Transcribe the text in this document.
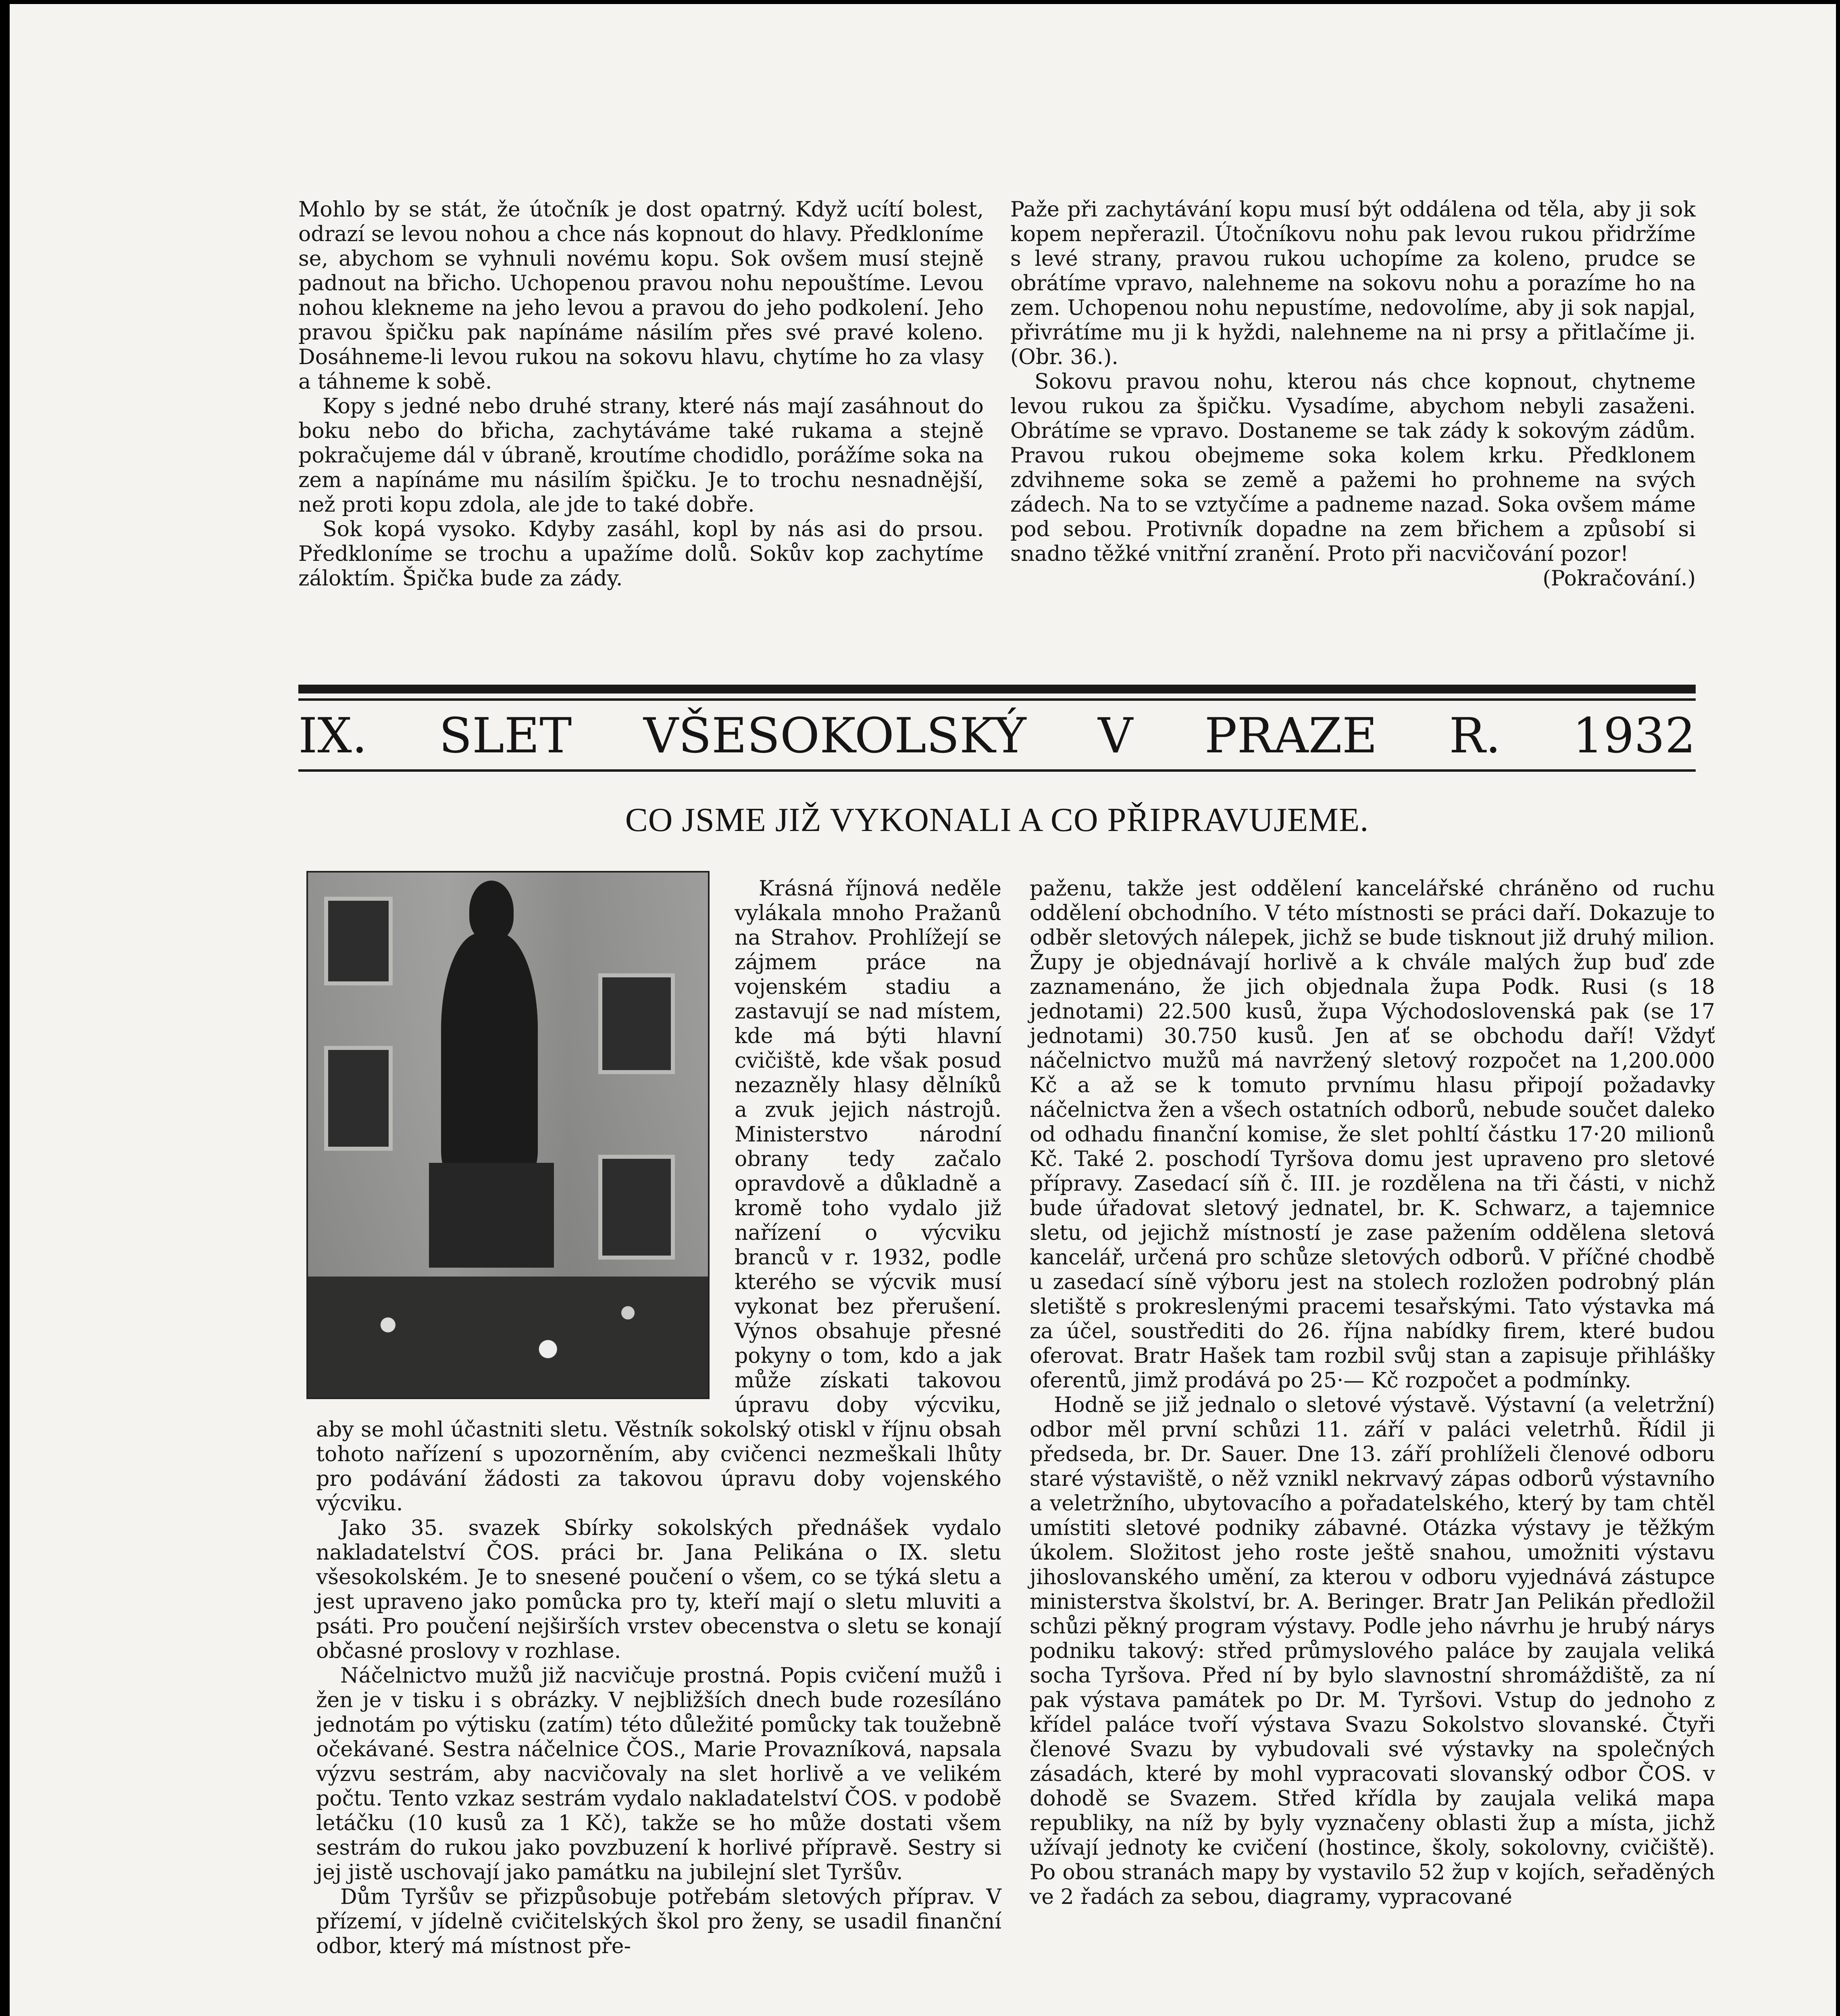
Mohlo by se stát, že útočník je dost opatrný. Když ucítí bolest, odrazí se levou nohou a chce nás kopnout do hlavy. Předkloníme se, abychom se vyhnuli novému kopu. Sok ovšem musí stejně padnout na břicho. Uchopenou pravou nohu nepouštíme. Levou nohou klekneme na jeho levou a pravou do jeho podkolení. Jeho pravou špičku pak napínáme násilím přes své pravé koleno. Dosáhneme-li levou rukou na sokovu hlavu, chytíme ho za vlasy a táhneme k sobě.

Kopy s jedné nebo druhé strany, které nás mají zasáhnout do boku nebo do břicha, zachytáváme také rukama a stejně pokračujeme dál v úbraně, kroutíme chodidlo, porážíme soka na zem a napínáme mu násilím špičku. Je to trochu nesnadnější, než proti kopu zdola, ale jde to také dobře.

Sok kopá vysoko. Kdyby zasáhl, kopl by nás asi do prsou. Předkloníme se trochu a upažíme dolů. Sokův kop zachytíme záloktím. Špička bude za zády.

Paže při zachytávání kopu musí být oddálena od těla, aby ji sok kopem nepřerazil. Útočníkovu nohu pak levou rukou přidržíme s levé strany, pravou rukou uchopíme za koleno, prudce se obrátíme vpravo, nalehneme na sokovu nohu a porazíme ho na zem. Uchopenou nohu nepustíme, nedovolíme, aby ji sok napjal, přivrátíme mu ji k hyždi, nalehneme na ni prsy a přitlačíme ji. (Obr. 36.).

Sokovu pravou nohu, kterou nás chce kopnout, chytneme levou rukou za špičku. Vysadíme, abychom nebyli zasaženi. Obrátíme se vpravo. Dostaneme se tak zády k sokovým zádům. Pravou rukou obejmeme soka kolem krku. Předklonem zdvihneme soka se země a pažemi ho prohneme na svých zádech. Na to se vztyčíme a padneme nazad. Soka ovšem máme pod sebou. Protivník dopadne na zem břichem a způsobí si snadno těžké vnitřní zranění. Proto při nacvičování pozor!
(Pokračování.)

IX. SLET VŠESOKOLSKÝ V PRAZE R. 1932
CO JSME JIŽ VYKONALI A CO PŘIPRAVUJEME.

Krásná říjnová neděle vylákala mnoho Pražanů na Strahov. Prohlížejí se zájmem práce na vojenském stadiu a zastavují se nad místem, kde má býti hlavní cvičiště, kde však posud nezazněly hlasy dělníků a zvuk jejich nástrojů. Ministerstvo národní obrany tedy začalo opravdově a důkladně a kromě toho vydalo již nařízení o výcviku branců v r. 1932, podle kterého se výcvik musí vykonat bez přerušení. Výnos obsahuje přesné pokyny o tom, kdo a jak může získati takovou úpravu doby výcviku, aby se mohl účastniti sletu. Věstník sokolský otiskl v říjnu obsah tohoto nařízení s upozorněním, aby cvičenci nezmeškali lhůty pro podávání žádosti za takovou úpravu doby vojenského výcviku.

Jako 35. svazek Sbírky sokolských přednášek vydalo nakladatelství ČOS. práci br. Jana Pelikána o IX. sletu všesokolském. Je to snesené poučení o všem, co se týká sletu a jest upraveno jako pomůcka pro ty, kteří mají o sletu mluviti a psáti. Pro poučení nejširších vrstev obecenstva o sletu se konají občasné proslovy v rozhlase.

Náčelnictvo mužů již nacvičuje prostná. Popis cvičení mužů i žen je v tisku i s obrázky. V nejbližších dnech bude rozesíláno jednotám po výtisku (zatím) této důležité pomůcky tak toužebně očekávané. Sestra náčelnice ČOS., Marie Provazníková, napsala výzvu sestrám, aby nacvičovaly na slet horlivě a ve velikém počtu. Tento vzkaz sestrám vydalo nakladatelství ČOS. v podobě letáčku (10 kusů za 1 Kč), takže se ho může dostati všem sestrám do rukou jako povzbuzení k horlivé přípravě. Sestry si jej jistě uschovají jako památku na jubilejní slet Tyršův.

Dům Tyršův se přizpůsobuje potřebám sletových příprav. V přízemí, v jídelně cvičitelských škol pro ženy, se usadil finanční odbor, který má místnost pře-

paženu, takže jest oddělení kancelářské chráněno od ruchu oddělení obchodního. V této místnosti se práci daří. Dokazuje to odběr sletových nálepek, jichž se bude tisknout již druhý milion. Župy je objednávají horlivě a k chvále malých žup buď zde zaznamenáno, že jich objednala župa Podk. Rusi (s 18 jednotami) 22.500 kusů, župa Východoslovenská pak (se 17 jednotami) 30.750 kusů. Jen ať se obchodu daří! Vždyť náčelnictvo mužů má navržený sletový rozpočet na 1,200.000 Kč a až se k tomuto prvnímu hlasu připojí požadavky náčelnictva žen a všech ostatních odborů, nebude součet daleko od odhadu finanční komise, že slet pohltí částku 17·20 milionů Kč. Také 2. poschodí Tyršova domu jest upraveno pro sletové přípravy. Zasedací síň č. III. je rozdělena na tři části, v nichž bude úřadovat sletový jednatel, br. K. Schwarz, a tajemnice sletu, od jejichž místností je zase pažením oddělena sletová kancelář, určená pro schůze sletových odborů. V příčné chodbě u zasedací síně výboru jest na stolech rozložen podrobný plán sletiště s prokreslenými pracemi tesařskými. Tato výstavka má za účel, soustřediti do 26. října nabídky firem, které budou oferovat. Bratr Hašek tam rozbil svůj stan a zapisuje přihlášky oferentů, jimž prodává po 25·— Kč rozpočet a podmínky.

Hodně se již jednalo o sletové výstavě. Výstavní (a veletržní) odbor měl první schůzi 11. září v paláci veletrhů. Řídil ji předseda, br. Dr. Sauer. Dne 13. září prohlíželi členové odboru staré výstaviště, o něž vznikl nekrvavý zápas odborů výstavního a veletržního, ubytovacího a pořadatelského, který by tam chtěl umístiti sletové podniky zábavné. Otázka výstavy je těžkým úkolem. Složitost jeho roste ještě snahou, umožniti výstavu jihoslovanského umění, za kterou v odboru vyjednává zástupce ministerstva školství, br. A. Beringer. Bratr Jan Pelikán předložil schůzi pěkný program výstavy. Podle jeho návrhu je hrubý nárys podniku takový: střed průmyslového paláce by zaujala veliká socha Tyršova. Před ní by bylo slavnostní shromáždiště, za ní pak výstava památek po Dr. M. Tyršovi. Vstup do jednoho z křídel paláce tvoří výstava Svazu Sokolstvo slovanské. Čtyři členové Svazu by vybudovali své výstavky na společných zásadách, které by mohl vypracovati slovanský odbor ČOS. v dohodě se Svazem. Střed křídla by zaujala veliká mapa republiky, na níž by byly vyznačeny oblasti žup a místa, jichž užívají jednoty ke cvičení (hostince, školy, sokolovny, cvičiště). Po obou stranách mapy by vystavilo 52 žup v kojích, seřaděných ve 2 řadách za sebou, diagramy, vypracované
